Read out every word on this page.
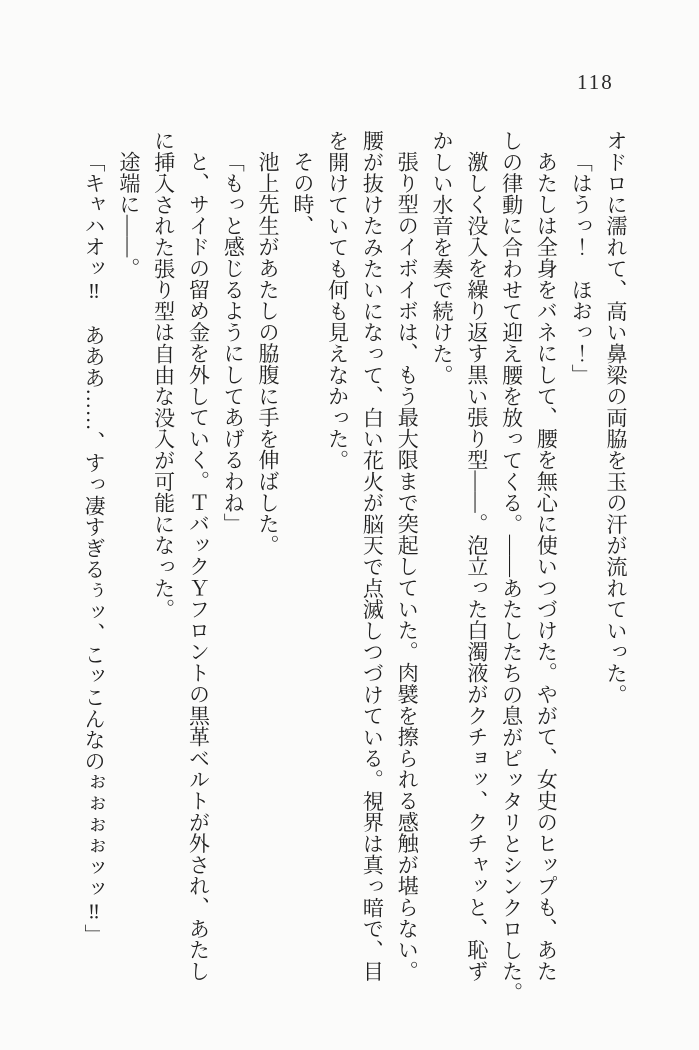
118
オドロに濡れて、高い鼻梁の両脇を玉の汗が流れていった。
「はうっ！　ほおっ！」
あたしは全身をバネにして、腰を無心に使いつづけた。やがて、女史のヒップも、あた
しの律動に合わせて迎え腰を放ってくる。――あたしたちの息がピッタリとシンクロした。
激しく没入を繰り返す黒い張り型――。泡立った白濁液がクチョッ、クチャッと、恥ず
かしい水音を奏で続けた。
張り型のイボイボは、もう最大限まで突起していた。肉襞を擦られる感触が堪らない。
腰が抜けたみたいになって、白い花火が脳天で点滅しつづけている。視界は真っ暗で、目
を開けていても何も見えなかった。
その時、
池上先生があたしの脇腹に手を伸ばした。
「もっと感じるようにしてあげるわね」
と、サイドの留め金を外していく。ＴバックＹフロントの黒革ベルトが外され、あたし
に挿入された張り型は自由な没入が可能になった。
途端に――。
「キャハオッ‼　あああ……、すっ凄すぎるぅッ、こッこんなのぉぉぉぉッッ‼」
